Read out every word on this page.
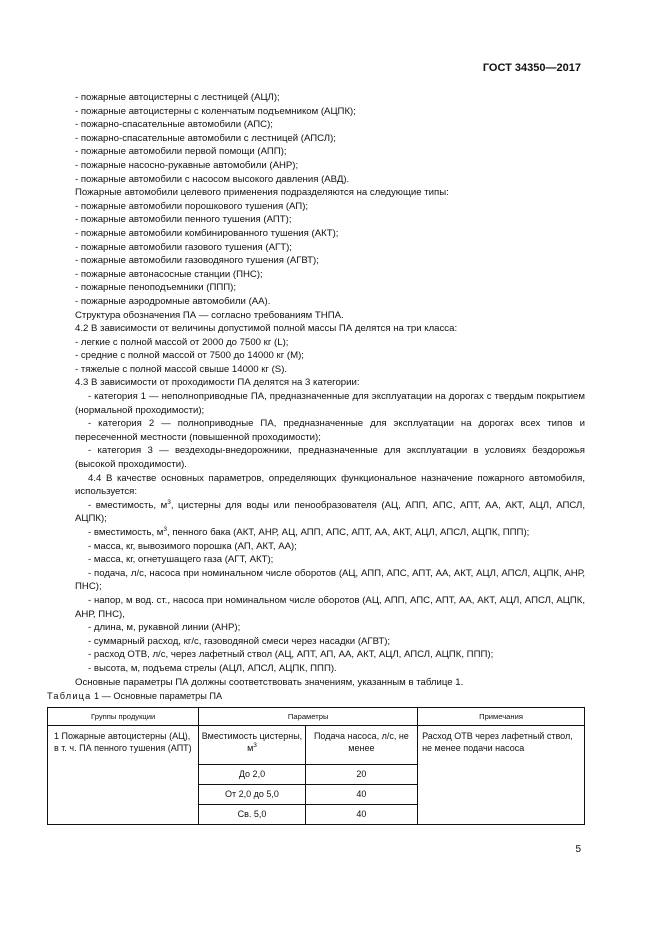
ГОСТ 34350—2017

- пожарные автоцистерны с лестницей (АЦЛ);

- пожарные автоцистерны с коленчатым подъемником (АЦПК);

- пожарно-спасательные автомобили (АПС);

- пожарно-спасательные автомобили с лестницей (АПСЛ);

- пожарные автомобили первой помощи (АПП);

- пожарные насосно-рукавные автомобили (АНР);

- пожарные автомобили с насосом высокого давления (АВД).

Пожарные автомобили целевого применения подразделяются на следующие типы:

- пожарные автомобили порошкового тушения (АП);

- пожарные автомобили пенного тушения (АПТ);

- пожарные автомобили комбинированного тушения (АКТ);

- пожарные автомобили газового тушения (АГТ);

- пожарные автомобили газоводяного тушения (АГВТ);

- пожарные автонасосные станции (ПНС);

- пожарные пеноподъемники (ППП);

- пожарные аэродромные автомобили (АА).

Структура обозначения ПА — согласно требованиям ТНПА.

4.2 В зависимости от величины допустимой полной массы ПА делятся на три класса:

- легкие с полной массой от 2000 до 7500 кг (L);

- средние с полной массой от 7500 до 14000 кг (М);

- тяжелые с полной массой свыше 14000 кг (S).

4.3 В зависимости от проходимости ПА делятся на 3 категории:

- категория 1 — неполноприводные ПА, предназначенные для эксплуатации на дорогах с твердым покрытием (нормальной проходимости);

- категория 2 — полноприводные ПА, предназначенные для эксплуатации на дорогах всех типов и пересеченной местности (повышенной проходимости);

- категория 3 — вездеходы-внедорожники, предназначенные для эксплуатации в условиях бездорожья (высокой проходимости).

4.4 В качестве основных параметров, определяющих функциональное назначение пожарного автомобиля, используется:

- вместимость, $м^3$, цистерны для воды или пенообразователя (АЦ, АПП, АПС, АПТ, АА, АКТ, АЦЛ, АПСЛ, АЦПК);

- вместимость, $м^3$, пенного бака (АКТ, АНР, АЦ, АПП, АПС, АПТ, АА, АКТ, АЦЛ, АПСЛ, АЦПК, ППП);

- масса, кг, вывозимого порошка (АП, АКТ, АА);

- масса, кг, огнетушащего газа (АГТ, АКТ);

- подача, л/с, насоса при номинальном числе оборотов (АЦ, АПП, АПС, АПТ, АА, АКТ, АЦЛ, АПСЛ, АЦПК, АНР, ПНС);

- напор, м вод. ст., насоса при номинальном числе оборотов (АЦ, АПП, АПС, АПТ, АА, АКТ, АЦЛ, АПСЛ, АЦПК, АНР, ПНС),

- длина, м, рукавной линии (АНР);

- суммарный расход, кг/с, газоводяной смеси через насадки (АГВТ);

- расход ОТВ, л/с, через лафетный ствол (АЦ, АПТ, АП, АА, АКТ, АЦЛ, АПСЛ, АЦПК, ППП);

- высота, м, подъема стрелы (АЦЛ, АПСЛ, АЦПК, ППП).

Основные параметры ПА должны соответствовать значениям, указанным в таблице 1.

Таблица 1 — Основные параметры ПА
Группы продукции	Параметры		Примечания
1 Пожарные автоцистерны (АЦ), в т. ч. ПА пенного тушения (АПТ)	Вместимость цистерны, $м^3$	Подача насоса, л/с, не менее	Расход ОТВ через лафетный ствол, не менее подачи насоса
	До 2,0	20	
	От 2,0 до 5,0	40	
	Св. 5,0	40	
5
